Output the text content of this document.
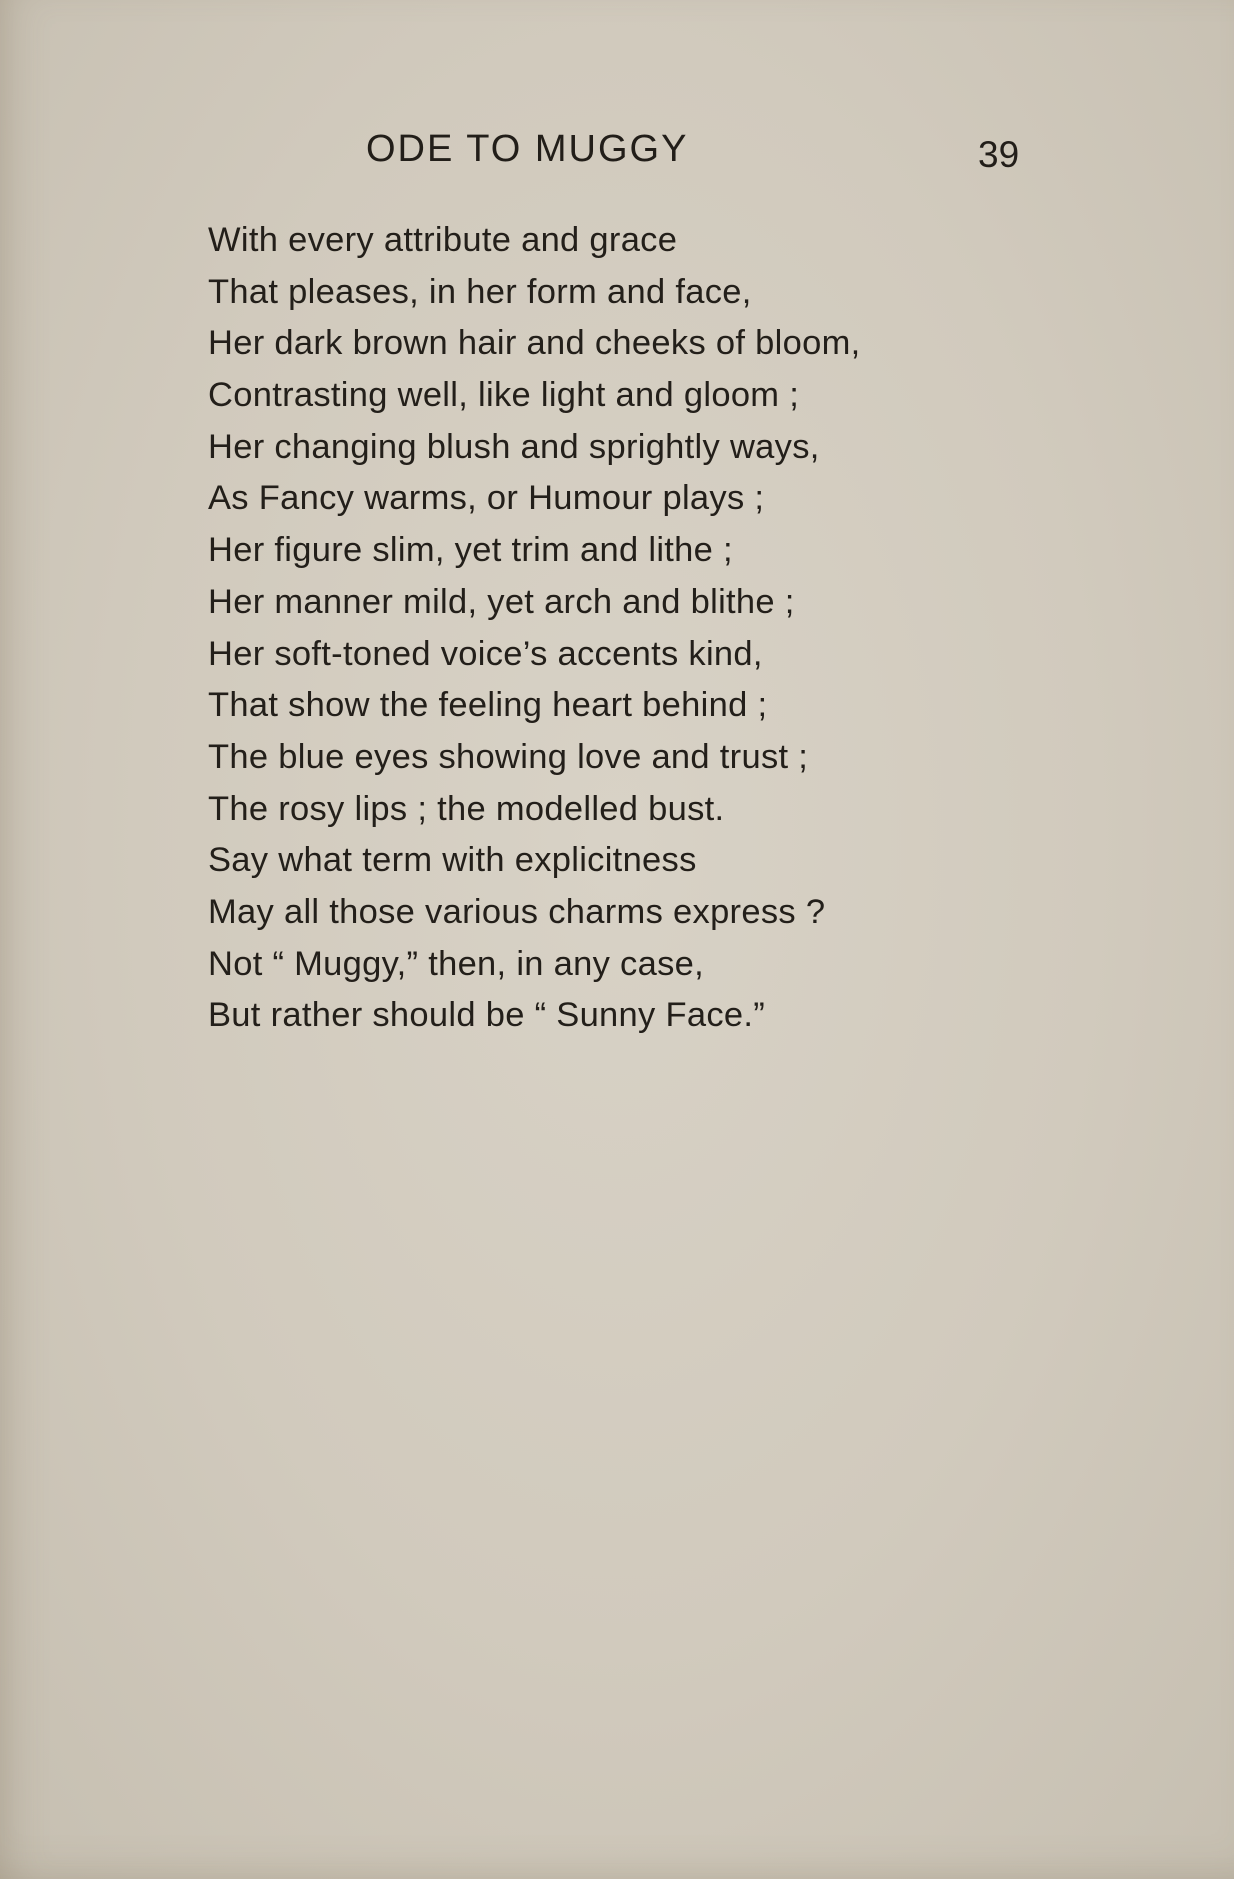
ODE TO MUGGY	39
With every attribute and grace
That pleases, in her form and face,
Her dark brown hair and cheeks of bloom,
Contrasting well, like light and gloom ;
Her changing blush and sprightly ways,
As Fancy warms, or Humour plays ;
Her figure slim, yet trim and lithe ;
Her manner mild, yet arch and blithe ;
Her soft-toned voice’s accents kind,
That show the feeling heart behind ;
The blue eyes showing love and trust ;
The rosy lips ; the modelled bust.
Say what term with explicitness
May all those various charms express ?
Not “ Muggy,” then, in any case,
But rather should be “ Sunny Face.”
